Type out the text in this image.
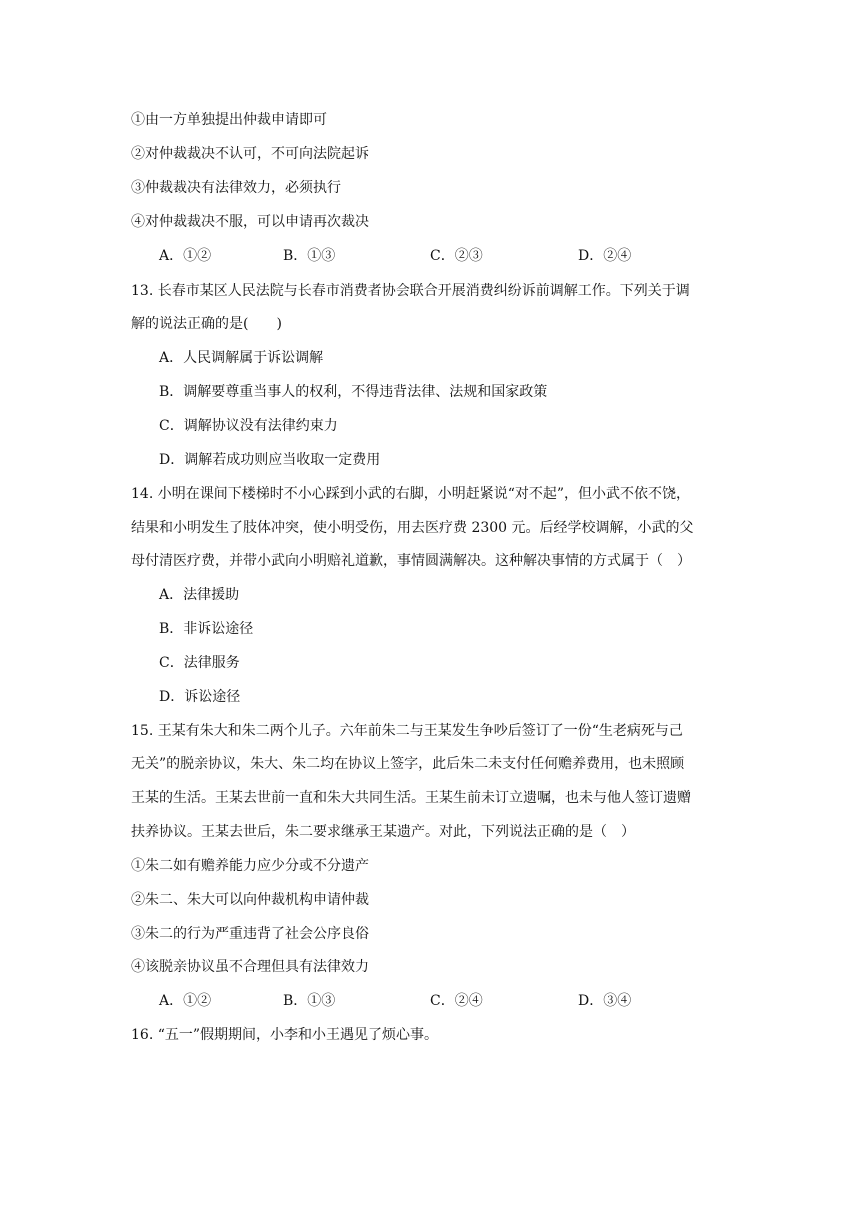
①由一方单独提出仲裁申请即可
②对仲裁裁决不认可，不可向法院起诉
③仲裁裁决有法律效力，必须执行
④对仲裁裁决不服，可以申请再次裁决
A．①②	B．①③	C．②③	D．②④
13. 长春市某区人民法院与长春市消费者协会联合开展消费纠纷诉前调解工作。下列关于调
解的说法正确的是(　　)
A．人民调解属于诉讼调解
B．调解要尊重当事人的权利，不得违背法律、法规和国家政策
C．调解协议没有法律约束力
D．调解若成功则应当收取一定费用
14. 小明在课间下楼梯时不小心踩到小武的右脚，小明赶紧说“对不起”，但小武不依不饶，
结果和小明发生了肢体冲突，使小明受伤，用去医疗费 2300 元。后经学校调解，小武的父
母付清医疗费，并带小武向小明赔礼道歉，事情圆满解决。这种解决事情的方式属于（　）
A．法律援助
B．非诉讼途径
C．法律服务
D．诉讼途径
15. 王某有朱大和朱二两个儿子。六年前朱二与王某发生争吵后签订了一份“生老病死与己
无关”的脱亲协议，朱大、朱二均在协议上签字，此后朱二未支付任何赡养费用，也未照顾
王某的生活。王某去世前一直和朱大共同生活。王某生前未订立遗嘱，也未与他人签订遗赠
扶养协议。王某去世后，朱二要求继承王某遗产。对此，下列说法正确的是（　）
①朱二如有赡养能力应少分或不分遗产
②朱二、朱大可以向仲裁机构申请仲裁
③朱二的行为严重违背了社会公序良俗
④该脱亲协议虽不合理但具有法律效力
A．①②	B．①③	C．②④	D．③④
16. “五一”假期期间，小李和小王遇见了烦心事。
